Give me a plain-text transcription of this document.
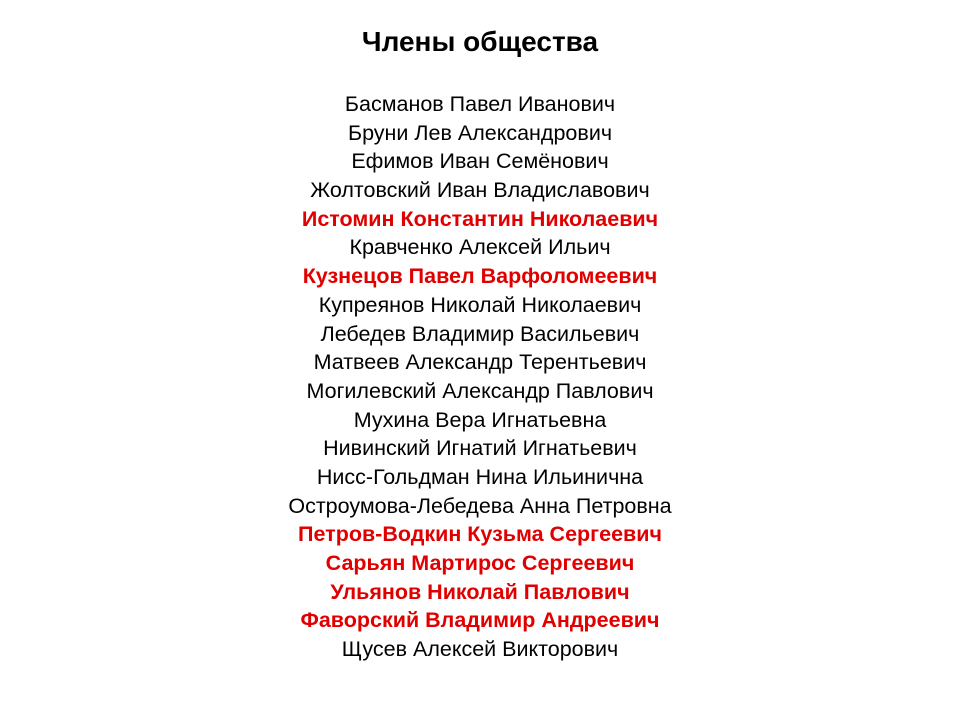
Члены общества
Басманов Павел Иванович
Бруни Лев Александрович
Ефимов Иван Семёнович
Жолтовский Иван Владиславович
Истомин Константин Николаевич
Кравченко Алексей Ильич
Кузнецов Павел Варфоломеевич
Купреянов Николай Николаевич
Лебедев Владимир Васильевич
Матвеев Александр Терентьевич
Могилевский Александр Павлович
Мухина Вера Игнатьевна
Нивинский Игнатий Игнатьевич
Нисс-Гольдман Нина Ильинична
Остроумова-Лебедева Анна Петровна
Петров-Водкин Кузьма Сергеевич
Сарьян Мартирос Сергеевич
Ульянов Николай Павлович
Фаворский Владимир Андреевич
Щусев Алексей Викторович
